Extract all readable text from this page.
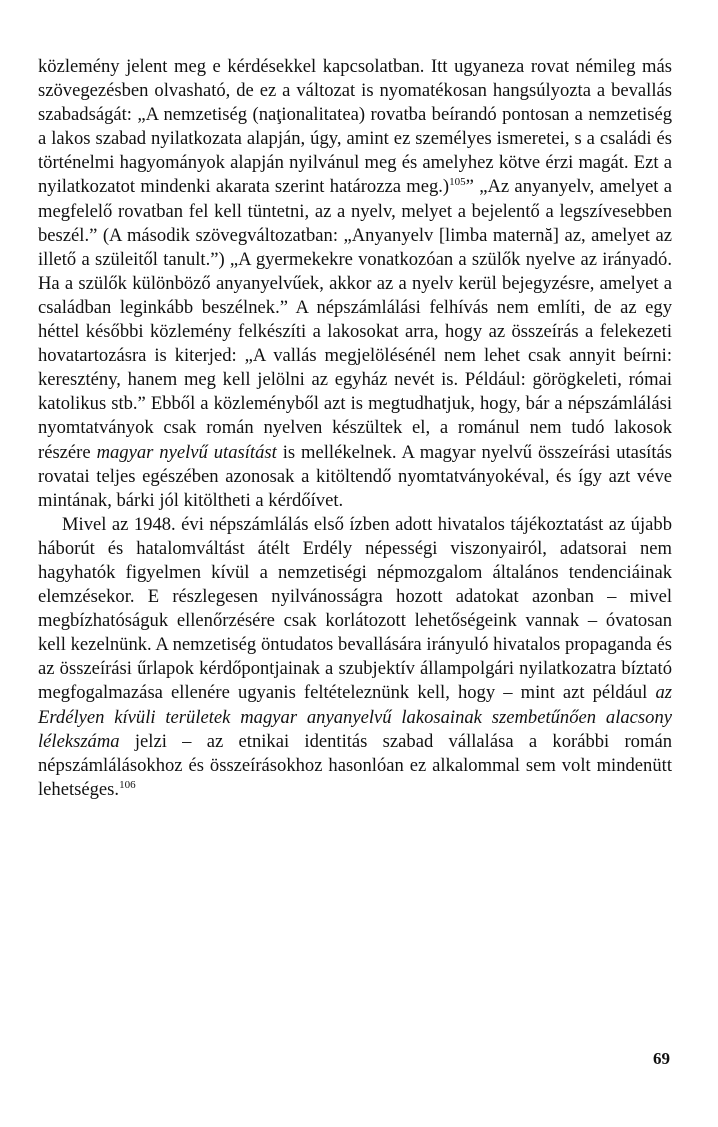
közlemény jelent meg e kérdésekkel kapcsolatban. Itt ugyaneza rovat némileg más szövegezésben olvasható, de ez a változat is nyomatékosan hangsúlyozta a bevallás szabadságát: „A nemzetiség (naţionalitatea) rovatba beírandó pontosan a nemzetiség a lakos szabad nyilatkozata alapján, úgy, amint ez személyes ismeretei, s a családi és történelmi hagyományok alapján nyilvánul meg és amelyhez kötve érzi magát. Ezt a nyilatkozatot mindenki akarata szerint határozza meg.)$^{105}$” „Az anyanyelv, amelyet a megfelelő rovatban fel kell tüntetni, az a nyelv, melyet a bejelentő a legszívesebben beszél.” (A második szövegváltozatban: „Anyanyelv [limba maternă] az, amelyet az illető a szüleitől tanult.”) „A gyermekekre vonatkozóan a szülők nyelve az irányadó. Ha a szülők különböző anyanyelvűek, akkor az a nyelv kerül bejegyzésre, amelyet a családban leginkább beszélnek.” A népszámlálási felhívás nem említi, de az egy héttel későbbi közlemény felkészíti a lakosokat arra, hogy az összeírás a felekezeti hovatartozásra is kiterjed: „A vallás megjelölésénél nem lehet csak annyit beírni: keresztény, hanem meg kell jelölni az egyház nevét is. Például: görögkeleti, római katolikus stb.” Ebből a közleményből azt is megtudhatjuk, hogy, bár a népszámlálási nyomtatványok csak román nyelven készültek el, a románul nem tudó lakosok részére magyar nyelvű utasítást is mellékelnek. A magyar nyelvű összeírási utasítás rovatai teljes egészében azonosak a kitöltendő nyomtatványokéval, és így azt véve mintának, bárki jól kitöltheti a kérdőívet.

Mivel az 1948. évi népszámlálás első ízben adott hivatalos tájékoztatást az újabb háborút és hatalomváltást átélt Erdély népességi viszonyairól, adatsorai nem hagyhatók figyelmen kívül a nemzetiségi népmozgalom általános tendenciáinak elemzésekor. E részlegesen nyilvánosságra hozott adatokat azonban – mivel megbízhatóságuk ellenőrzésére csak korlátozott lehetőségeink vannak – óvatosan kell kezelnünk. A nemzetiség öntudatos bevallására irányuló hivatalos propaganda és az összeírási űrlapok kérdőpontjainak a szubjektív állampolgári nyilatkozatra bíztató megfogalmazása ellenére ugyanis feltételeznünk kell, hogy – mint azt például az Erdélyen kívüli területek magyar anyanyelvű lakosainak szembetűnően alacsony lélekszáma jelzi – az etnikai identitás szabad vállalása a korábbi román népszámlálásokhoz és összeírásokhoz hasonlóan ez alkalommal sem volt mindenütt lehetséges.$^{106}$

69
